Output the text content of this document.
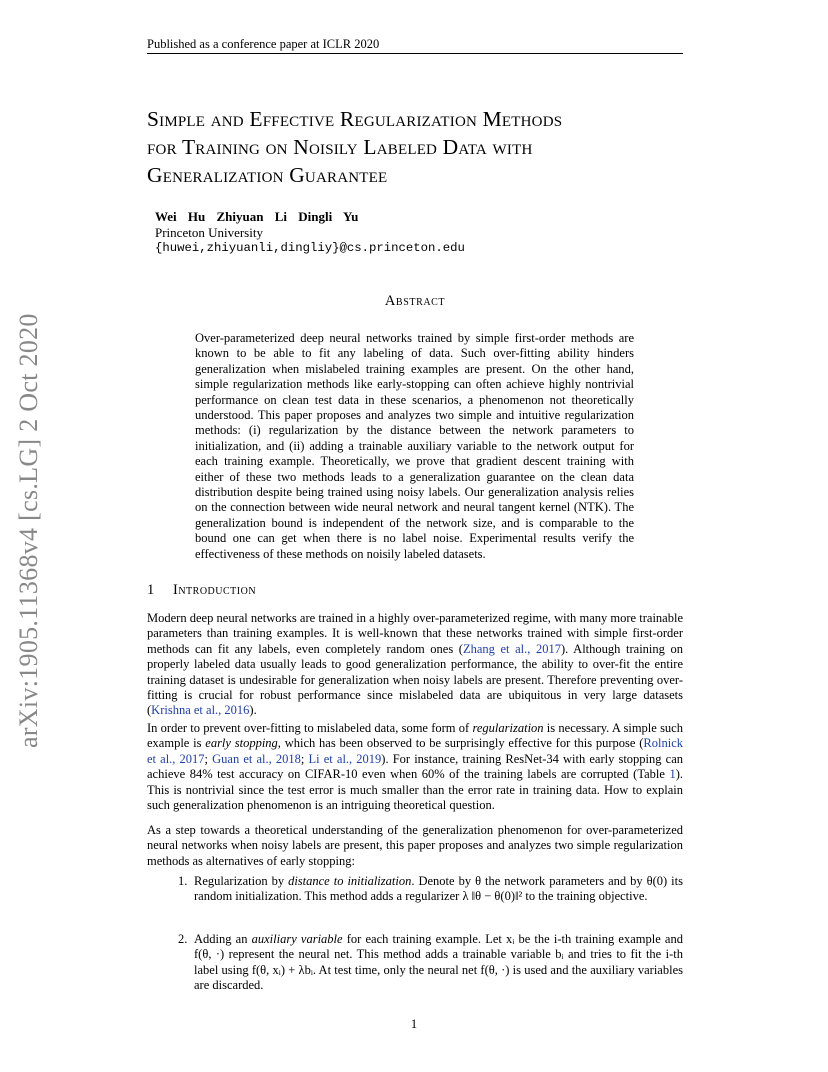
Published as a conference paper at ICLR 2020
arXiv:1905.11368v4 [cs.LG] 2 Oct 2020
Simple and Effective Regularization Methods
for Training on Noisily Labeled Data with
Generalization Guarantee
Wei Hu Zhiyuan Li Dingli Yu
Princeton University
{huwei,zhiyuanli,dingliy}@cs.princeton.edu
Abstract
Over-parameterized deep neural networks trained by simple first-order methods are known to be able to fit any labeling of data. Such over-fitting ability hinders generalization when mislabeled training examples are present. On the other hand, simple regularization methods like early-stopping can often achieve highly nontrivial performance on clean test data in these scenarios, a phenomenon not theoretically understood. This paper proposes and analyzes two simple and intuitive regularization methods: (i) regularization by the distance between the network parameters to initialization, and (ii) adding a trainable auxiliary variable to the network output for each training example. Theoretically, we prove that gradient descent training with either of these two methods leads to a generalization guarantee on the clean data distribution despite being trained using noisy labels. Our generalization analysis relies on the connection between wide neural network and neural tangent kernel (NTK). The generalization bound is independent of the network size, and is comparable to the bound one can get when there is no label noise. Experimental results verify the effectiveness of these methods on noisily labeled datasets.
1 Introduction
Modern deep neural networks are trained in a highly over-parameterized regime, with many more trainable parameters than training examples. It is well-known that these networks trained with simple first-order methods can fit any labels, even completely random ones (Zhang et al., 2017). Although training on properly labeled data usually leads to good generalization performance, the ability to over-fit the entire training dataset is undesirable for generalization when noisy labels are present. Therefore preventing over-fitting is crucial for robust performance since mislabeled data are ubiquitous in very large datasets (Krishna et al., 2016).
In order to prevent over-fitting to mislabeled data, some form of regularization is necessary. A simple such example is early stopping, which has been observed to be surprisingly effective for this purpose (Rolnick et al., 2017; Guan et al., 2018; Li et al., 2019). For instance, training ResNet-34 with early stopping can achieve 84% test accuracy on CIFAR-10 even when 60% of the training labels are corrupted (Table 1). This is nontrivial since the test error is much smaller than the error rate in training data. How to explain such generalization phenomenon is an intriguing theoretical question.
As a step towards a theoretical understanding of the generalization phenomenon for over-parameterized neural networks when noisy labels are present, this paper proposes and analyzes two simple regularization methods as alternatives of early stopping:
1. Regularization by distance to initialization. Denote by θ the network parameters and by θ(0) its random initialization. This method adds a regularizer λ ‖θ − θ(0)‖² to the training objective.
2. Adding an auxiliary variable for each training example. Let xᵢ be the i-th training example and f(θ, ·) represent the neural net. This method adds a trainable variable bᵢ and tries to fit the i-th label using f(θ, xᵢ) + λbᵢ. At test time, only the neural net f(θ, ·) is used and the auxiliary variables are discarded.
1
